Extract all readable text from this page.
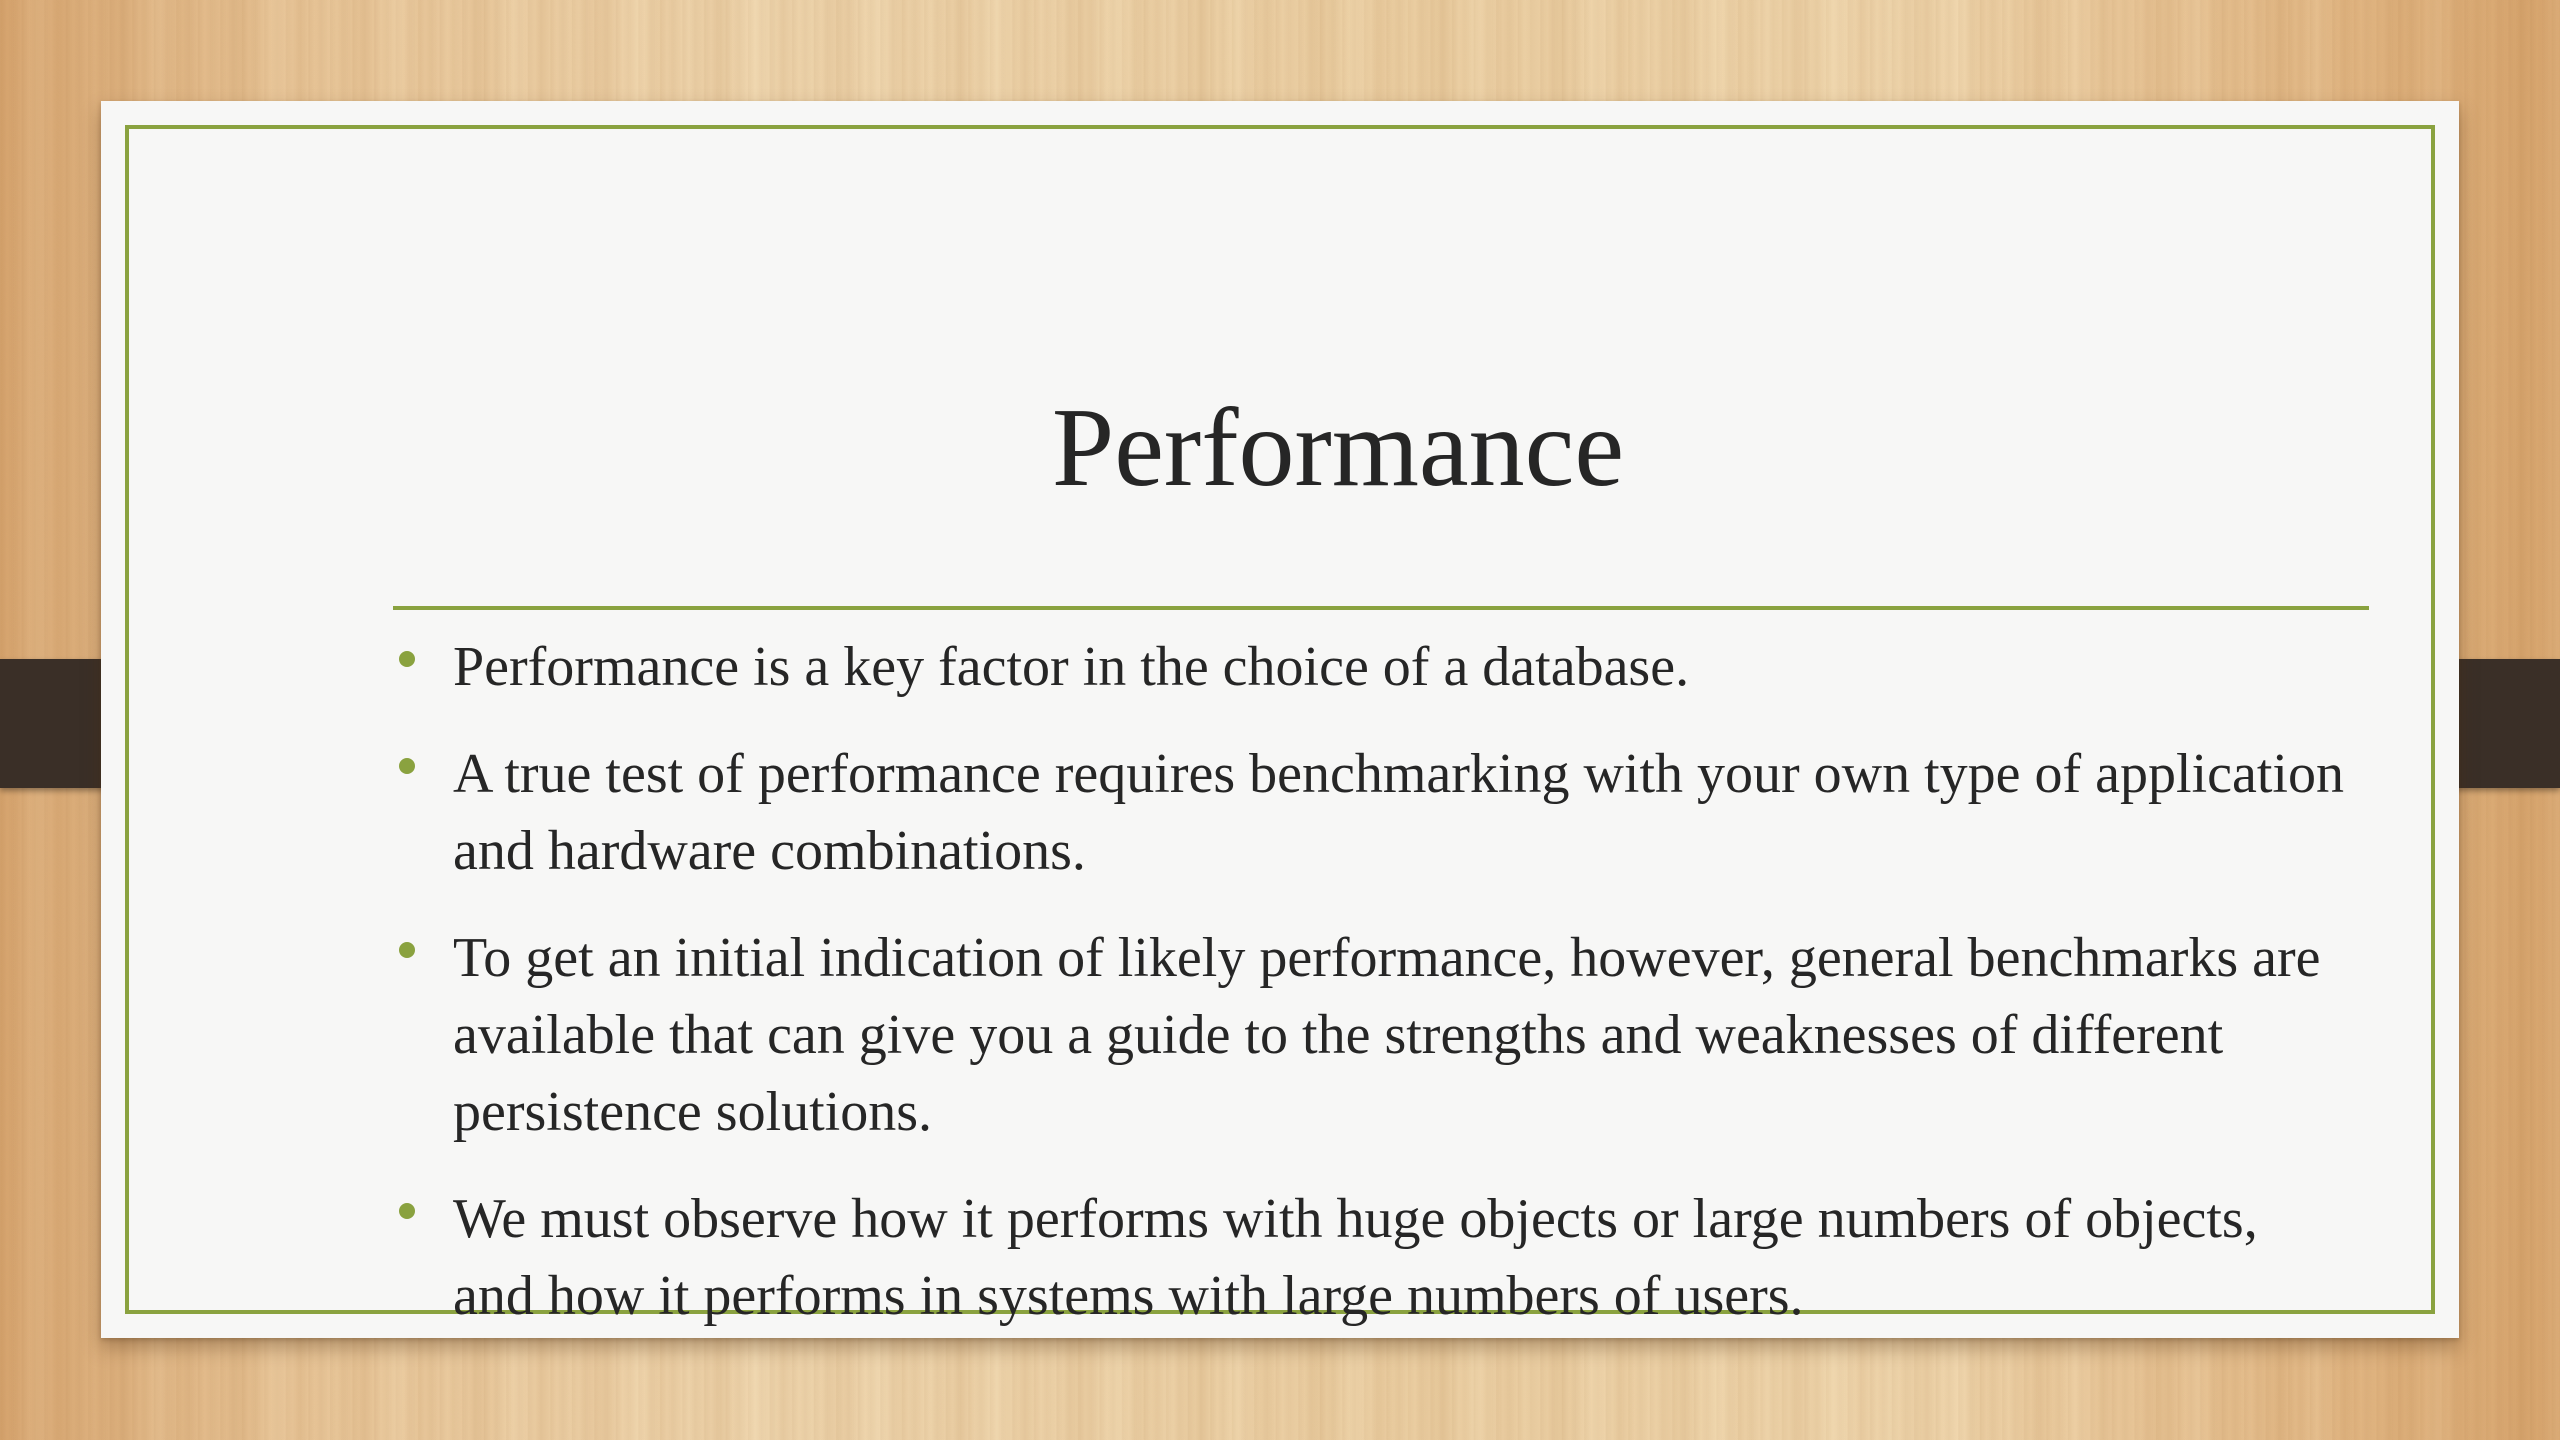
Performance
Performance is a key factor in the choice of a database.
A true test of performance requires benchmarking with your own type of application and hardware combinations.
To get an initial indication of likely performance, however, general benchmarks are available that can give you a guide to the strengths and weaknesses of different persistence solutions.
We must observe how it performs with huge objects or large numbers of objects, and how it performs in systems with large numbers of users.
